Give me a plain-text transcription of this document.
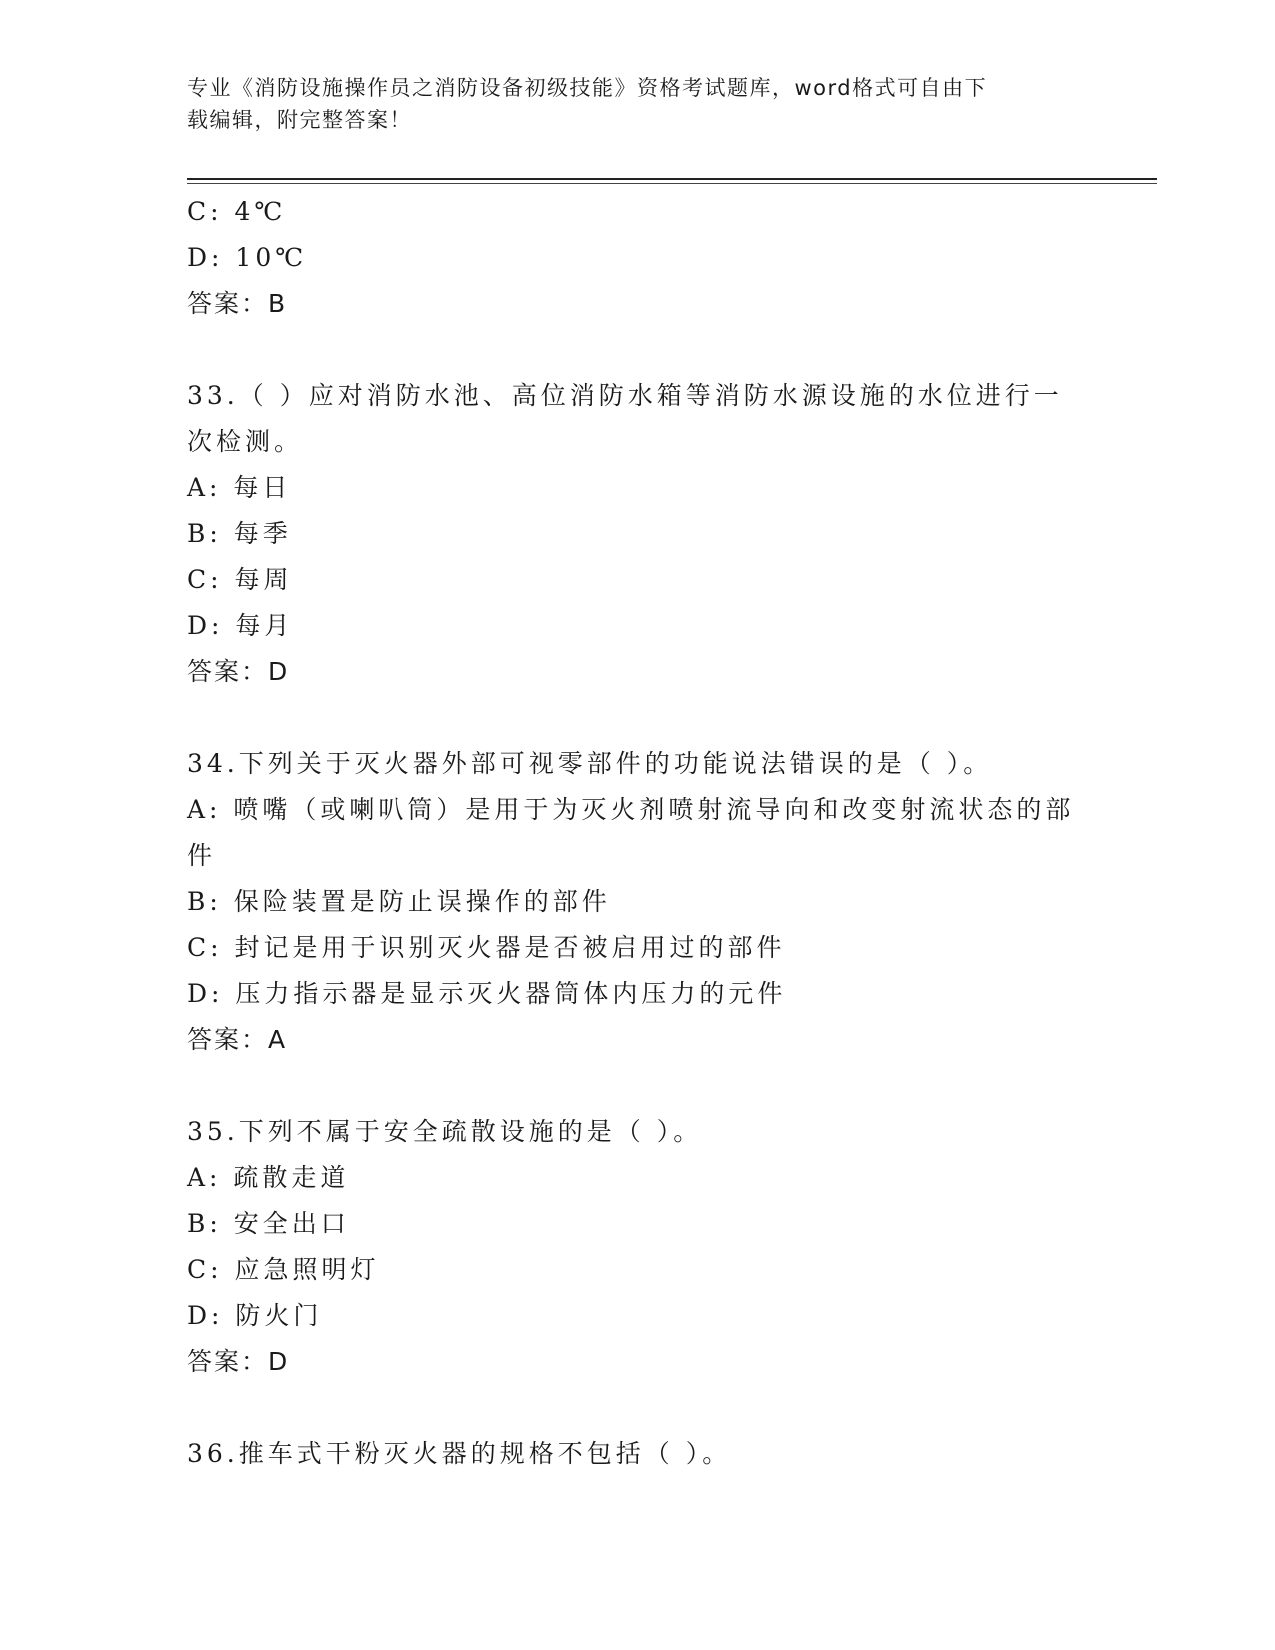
专业《消防设施操作员之消防设备初级技能》资格考试题库，word格式可自由下
载编辑，附完整答案！
C: 4℃
D: 10℃
答案：B
33.（ ）应对消防水池、高位消防水箱等消防水源设施的水位进行一
次检测。
A: 每日
B: 每季
C: 每周
D: 每月
答案：D
34.下列关于灭火器外部可视零部件的功能说法错误的是（ ）。
A: 喷嘴（或喇叭筒）是用于为灭火剂喷射流导向和改变射流状态的部
件
B: 保险装置是防止误操作的部件
C: 封记是用于识别灭火器是否被启用过的部件
D: 压力指示器是显示灭火器筒体内压力的元件
答案：A
35.下列不属于安全疏散设施的是（ ）。
A: 疏散走道
B: 安全出口
C: 应急照明灯
D: 防火门
答案：D
36.推车式干粉灭火器的规格不包括（ ）。
